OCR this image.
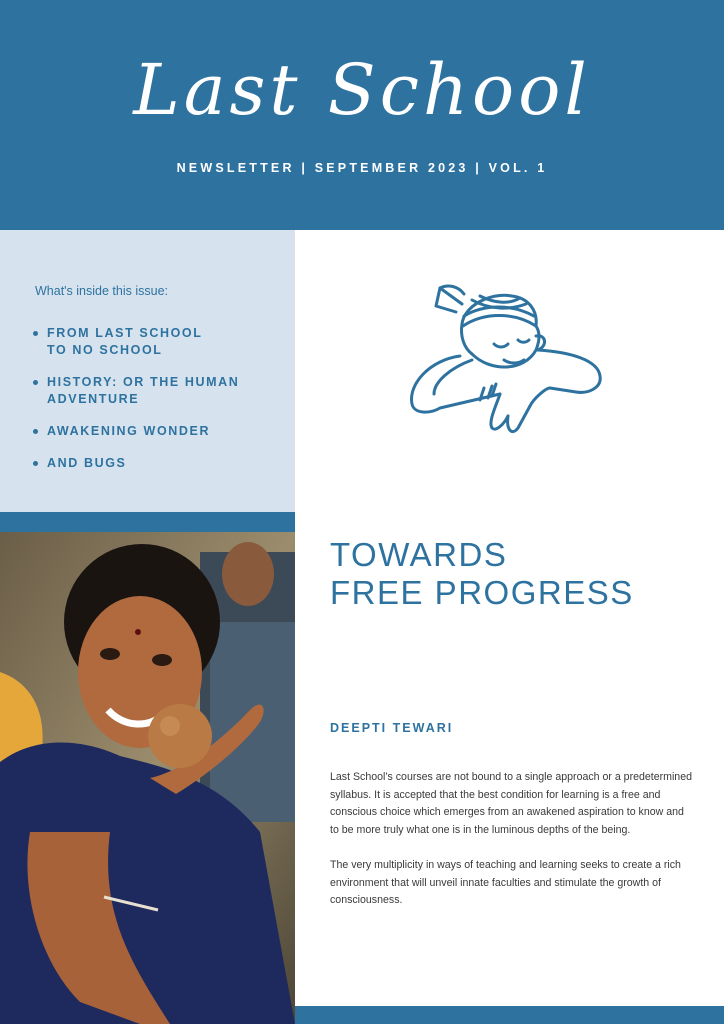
Last School
NEWSLETTER | SEPTEMBER 2023 | VOL. 1
What's inside this issue:
FROM LAST SCHOOL TO NO SCHOOL
HISTORY: OR THE HUMAN ADVENTURE
AWAKENING WONDER
AND BUGS
TOWARDS
FREE PROGRESS
DEEPTI TEWARI

Last School’s courses are not bound to a single approach or a predetermined syllabus. It is accepted that the best condition for learning is a free and conscious choice which emerges from an awakened aspiration to know and to be more truly what one is in the luminous depths of the being.

The very multiplicity in ways of teaching and learning seeks to create a rich environment that will unveil innate faculties and stimulate the growth of consciousness.
